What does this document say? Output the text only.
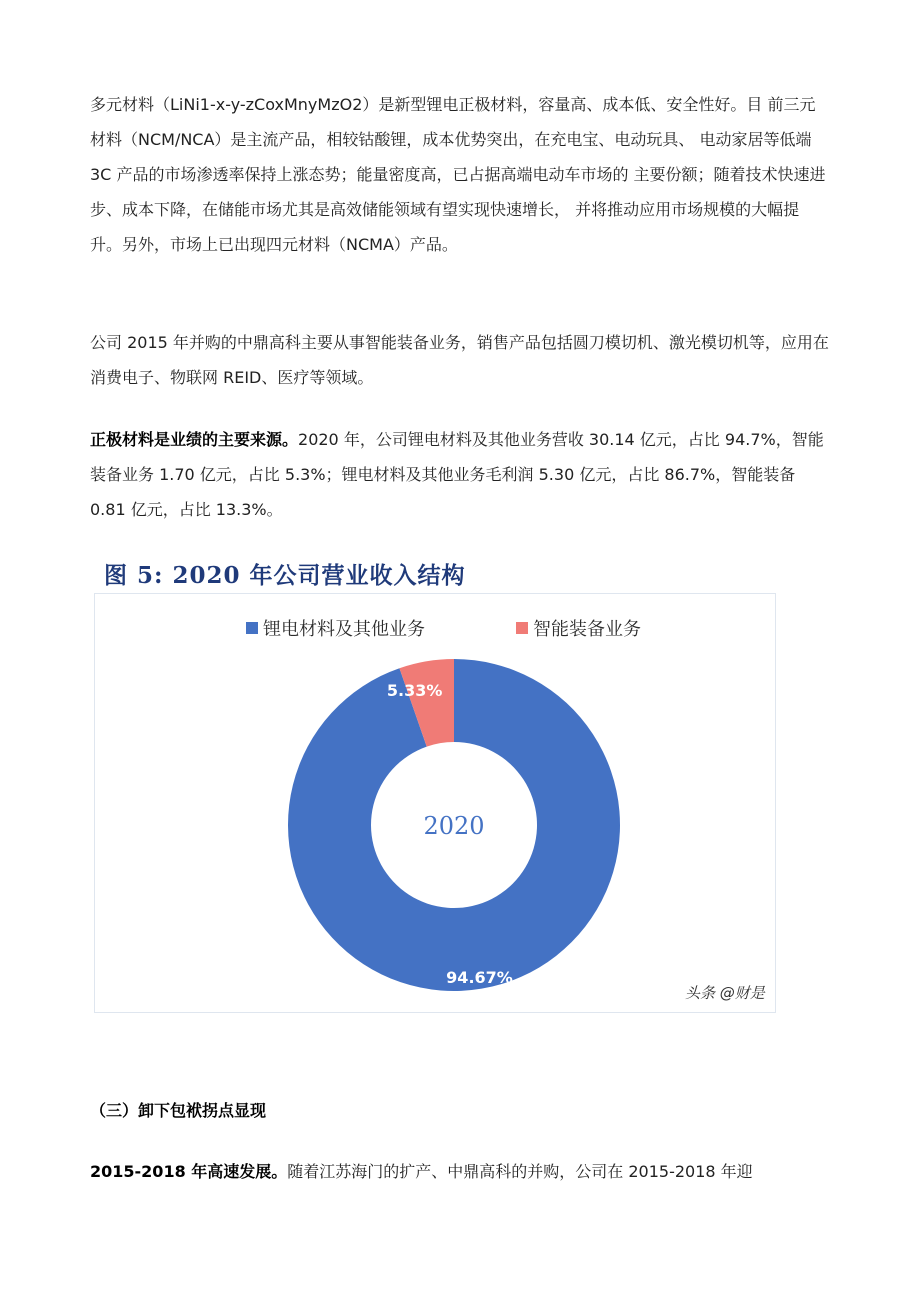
多元材料（LiNi1-x-y-zCoxMnyMzO2）是新型锂电正极材料，容量高、成本低、安全性好。目 前三元材料（NCM/NCA）是主流产品，相较钴酸锂，成本优势突出，在充电宝、电动玩具、 电动家居等低端 3C 产品的市场渗透率保持上涨态势；能量密度高，已占据高端电动车市场的 主要份额；随着技术快速进步、成本下降，在储能市场尤其是高效储能领域有望实现快速增长， 并将推动应用市场规模的大幅提升。另外，市场上已出现四元材料（NCMA）产品。

公司 2015 年并购的中鼎高科主要从事智能装备业务，销售产品包括圆刀模切机、激光模切机等，应用在消费电子、物联网 REID、医疗等领域。

正极材料是业绩的主要来源。2020 年，公司锂电材料及其他业务营收 30.14 亿元，占比 94.7%，智能装备业务 1.70 亿元，占比 5.3%；锂电材料及其他业务毛利润 5.30 亿元，占比 86.7%，智能装备 0.81 亿元，占比 13.3%。

图 5: 2020 年公司营业收入结构
锂电材料及其他业务	智能装备业务
94.67%
5.33%
2020
头条 @财是
（三）卸下包袱拐点显现

2015-2018 年高速发展。随着江苏海门的扩产、中鼎高科的并购，公司在 2015-2018 年迎
